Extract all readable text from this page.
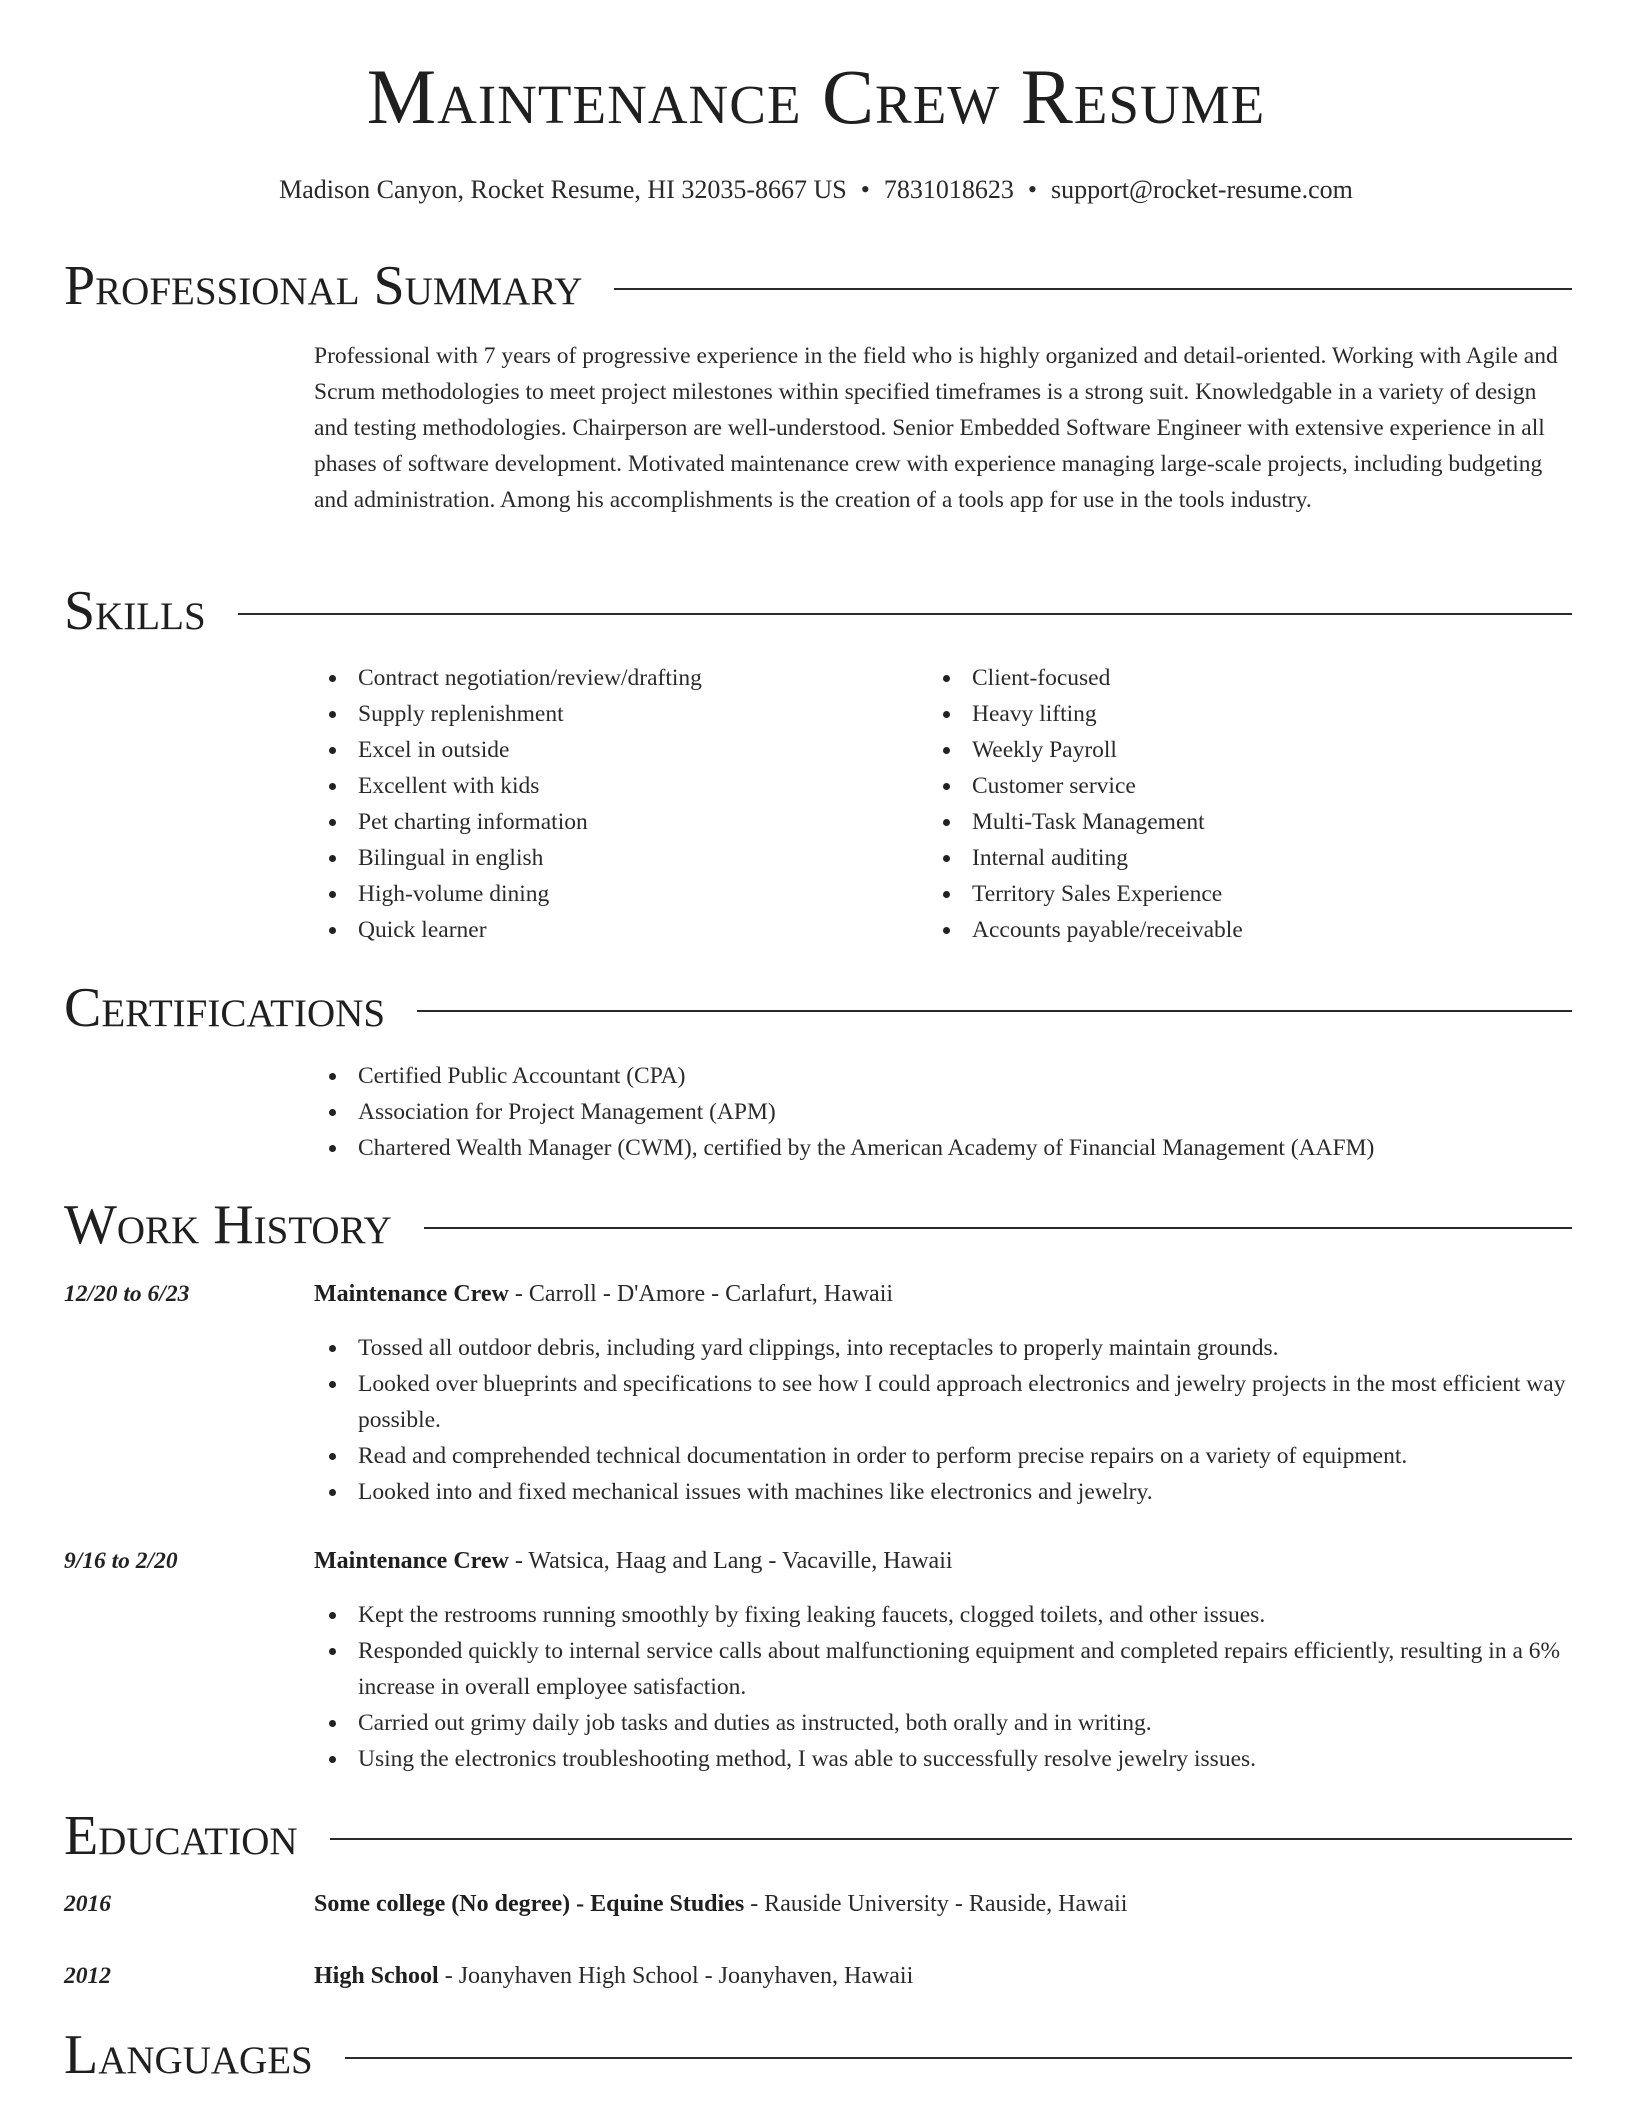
Maintenance Crew Resume
Madison Canyon, Rocket Resume, HI 32035-8667 US • 7831018623 • support@rocket-resume.com
Professional Summary

Professional with 7 years of progressive experience in the field who is highly organized and detail-oriented. Working with Agile and Scrum methodologies to meet project milestones within specified timeframes is a strong suit. Knowledgable in a variety of design and testing methodologies. Chairperson are well-understood. Senior Embedded Software Engineer with extensive experience in all phases of software development. Motivated maintenance crew with experience managing large-scale projects, including budgeting and administration. Among his accomplishments is the creation of a tools app for use in the tools industry.

Skills
Contract negotiation/review/drafting
Supply replenishment
Excel in outside
Excellent with kids
Pet charting information
Bilingual in english
High-volume dining
Quick learner
Client-focused
Heavy lifting
Weekly Payroll
Customer service
Multi-Task Management
Internal auditing
Territory Sales Experience
Accounts payable/receivable
Certifications
Certified Public Accountant (CPA)
Association for Project Management (APM)
Chartered Wealth Manager (CWM), certified by the American Academy of Financial Management (AAFM)
Work History
12/20 to 6/23	Maintenance Crew - Carroll - D'Amore - Carlafurt, Hawaii
Tossed all outdoor debris, including yard clippings, into receptacles to properly maintain grounds.
Looked over blueprints and specifications to see how I could approach electronics and jewelry projects in the most efficient way possible.
Read and comprehended technical documentation in order to perform precise repairs on a variety of equipment.
Looked into and fixed mechanical issues with machines like electronics and jewelry.
9/16 to 2/20	Maintenance Crew - Watsica, Haag and Lang - Vacaville, Hawaii
Kept the restrooms running smoothly by fixing leaking faucets, clogged toilets, and other issues.
Responded quickly to internal service calls about malfunctioning equipment and completed repairs efficiently, resulting in a 6% increase in overall employee satisfaction.
Carried out grimy daily job tasks and duties as instructed, both orally and in writing.
Using the electronics troubleshooting method, I was able to successfully resolve jewelry issues.
Education
2016	Some college (No degree) - Equine Studies - Rauside University - Rauside, Hawaii
2012	High School - Joanyhaven High School - Joanyhaven, Hawaii
Languages
